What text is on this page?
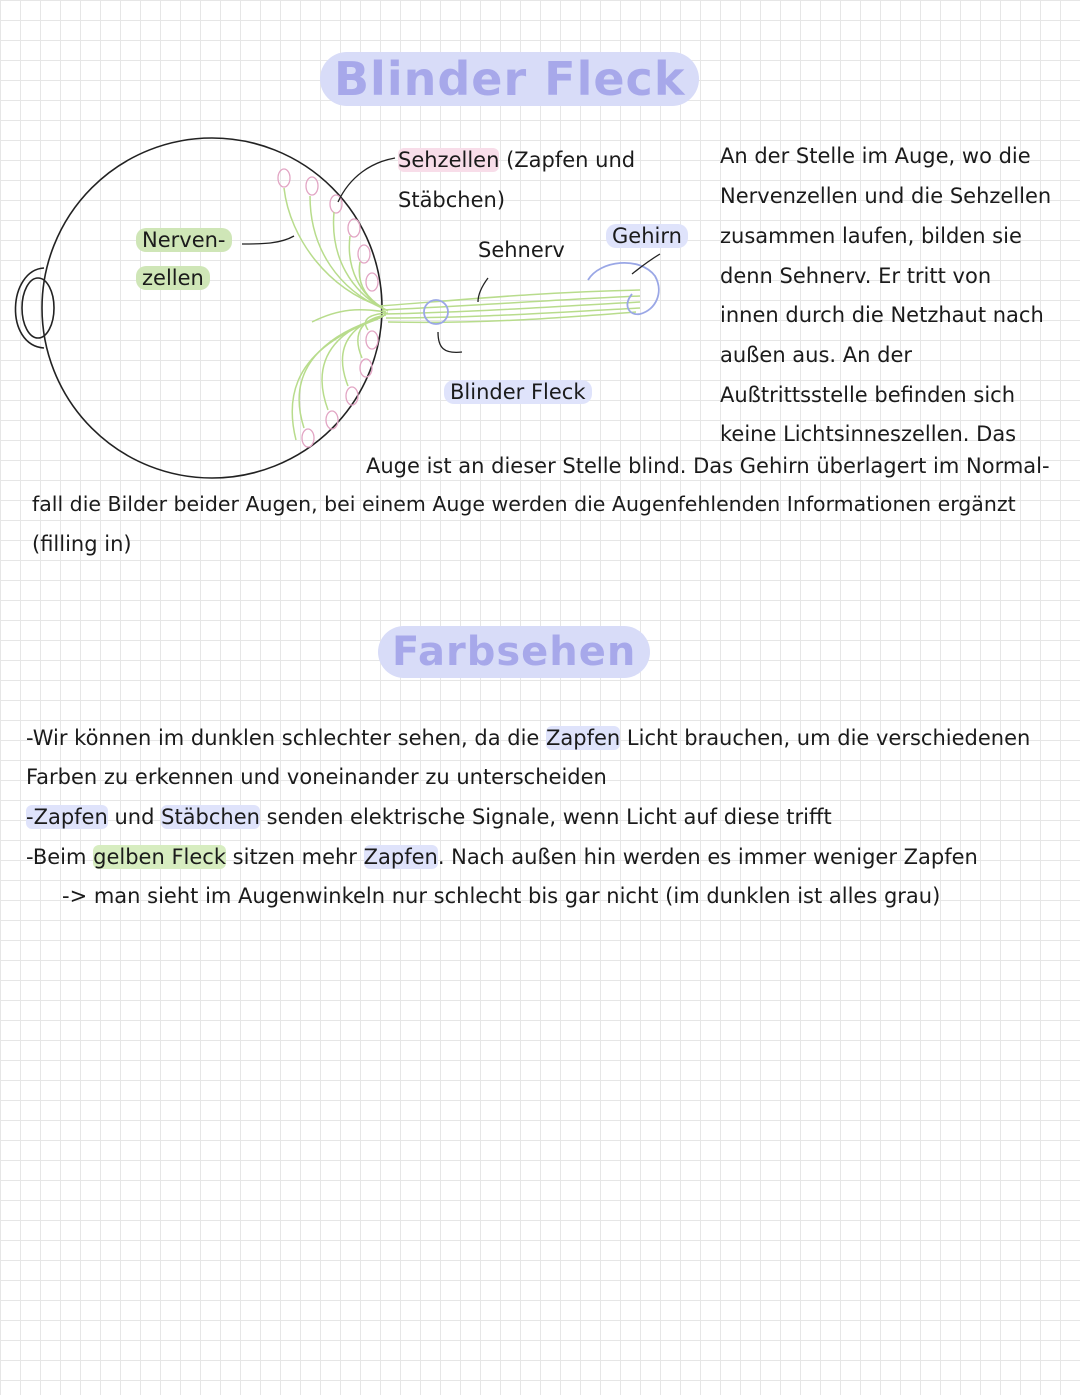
Blinder Fleck
Nerven-
zellen
Sehzellen (Zapfen und
Stäbchen)
Sehnerv
Gehirn
Blinder Fleck
An der Stelle im Auge, wo die
Nervenzellen und die Sehzellen
zusammen laufen, bilden sie
denn Sehnerv. Er tritt von
innen durch die Netzhaut nach
außen aus. An der
Außtrittsstelle befinden sich
keine Lichtsinneszellen. Das
Auge ist an dieser Stelle blind. Das Gehirn überlagert im Normal-
fall die Bilder beider Augen, bei einem Auge werden die Augenfehlenden Informationen ergänzt
(filling in)
Farbsehen
-Wir können im dunklen schlechter sehen, da die Zapfen Licht brauchen, um die verschiedenen
Farben zu erkennen und voneinander zu unterscheiden
-Zapfen und Stäbchen senden elektrische Signale, wenn Licht auf diese trifft
-Beim gelben Fleck sitzen mehr Zapfen. Nach außen hin werden es immer weniger Zapfen
-> man sieht im Augenwinkeln nur schlecht bis gar nicht (im dunklen ist alles grau)
